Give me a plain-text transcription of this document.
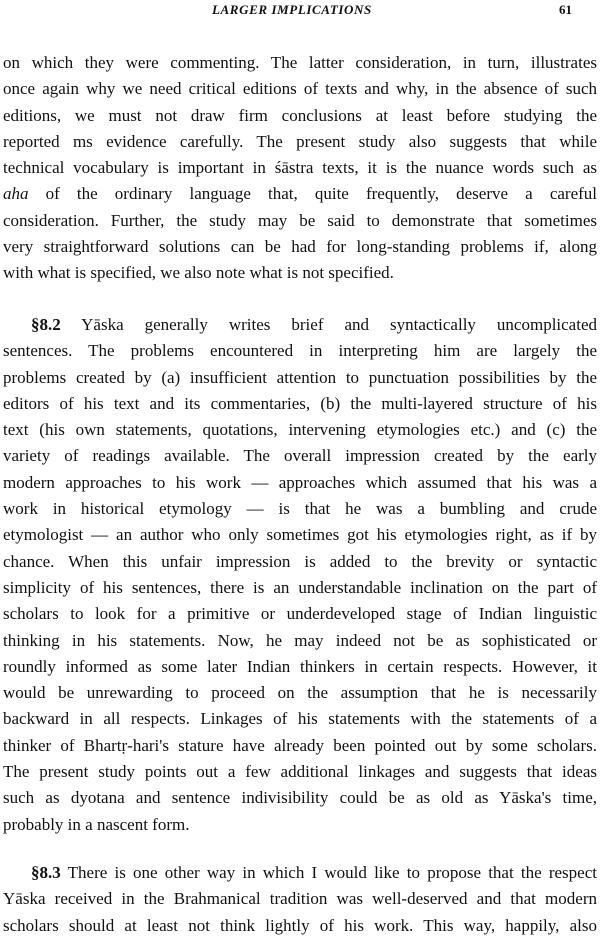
LARGER IMPLICATIONS	61
on which they were commenting. The latter consideration, in turn, illustrates
once again why we need critical editions of texts and why, in the absence of such
editions, we must not draw firm conclusions at least before studying the
reported ms evidence carefully. The present study also suggests that while
technical vocabulary is important in śāstra texts, it is the nuance words such as
aha of the ordinary language that, quite frequently, deserve a careful
consideration. Further, the study may be said to demonstrate that sometimes
very straightforward solutions can be had for long-standing problems if, along
with what is specified, we also note what is not specified.
§8.2 Yāska generally writes brief and syntactically uncomplicated
sentences. The problems encountered in interpreting him are largely the
problems created by (a) insufficient attention to punctuation possibilities by the
editors of his text and its commentaries, (b) the multi-layered structure of his
text (his own statements, quotations, intervening etymologies etc.) and (c) the
variety of readings available. The overall impression created by the early
modern approaches to his work — approaches which assumed that his was a
work in historical etymology — is that he was a bumbling and crude
etymologist — an author who only sometimes got his etymologies right, as if by
chance. When this unfair impression is added to the brevity or syntactic
simplicity of his sentences, there is an understandable inclination on the part of
scholars to look for a primitive or underdeveloped stage of Indian linguistic
thinking in his statements. Now, he may indeed not be as sophisticated or
roundly informed as some later Indian thinkers in certain respects. However, it
would be unrewarding to proceed on the assumption that he is necessarily
backward in all respects. Linkages of his statements with the statements of a
thinker of Bhartṛ-hari's stature have already been pointed out by some scholars.
The present study points out a few additional linkages and suggests that ideas
such as dyotana and sentence indivisibility could be as old as Yāska's time,
probably in a nascent form.
§8.3 There is one other way in which I would like to propose that the respect
Yāska received in the Brahmanical tradition was well-deserved and that modern
scholars should at least not think lightly of his work. This way, happily, also
